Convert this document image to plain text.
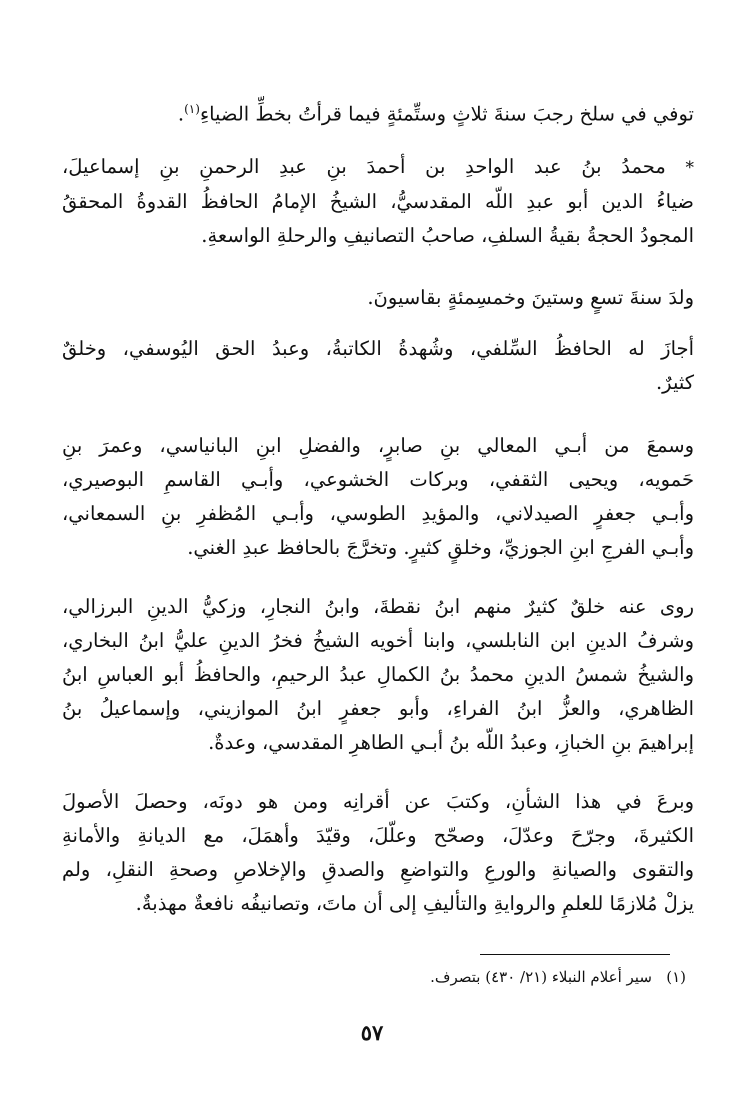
توفي في سلخ رجبَ سنةَ ثلاثٍ وستِّمئةٍ فيما قرأتُ بخطِّ الضياءِ$^{(١)}$.

* محمدُ بنُ عبد الواحدِ بن أحمدَ بنِ عبدِ الرحمنِ بنِ إسماعيلَ،
ضياءُ الدين أبو عبدِ اللّه المقدسيُّ، الشيخُ الإمامُ الحافظُ القدوةُ المحققُ
المجودُ الحجةُ بقيةُ السلفِ، صاحبُ التصانيفِ والرحلةِ الواسعةِ.

ولدَ سنةَ تسعٍ وستينَ وخمسِمئةٍ بقاسيونَ.

أجازَ له الحافظُ السِّلفي، وشُهدةُ الكاتبةُ، وعبدُ الحق اليُوسفي، وخلقٌ
كثيرٌ.

وسمعَ من أبـي المعالي بنِ صابرٍ، والفضلِ ابنِ البانياسي، وعمرَ بنِ
حَمويه، ويحيى الثقفي، وبركات الخشوعي، وأبـي القاسمِ البوصيري،
وأبـي جعفرٍ الصيدلاني، والمؤيدِ الطوسي، وأبـي المُظفرِ بنِ السمعاني،
وأبـي الفرجِ ابنِ الجوزيِّ، وخلقٍ كثيرٍ. وتخرَّجَ بالحافظ عبدِ الغني.

روى عنه خلقٌ كثيرٌ منهم ابنُ نقطةَ، وابنُ النجارِ، وزكيُّ الدينِ البرزالي،
وشرفُ الدينِ ابن النابلسي، وابنا أخويه الشيخُ فخرُ الدينِ عليُّ ابنُ البخاري،
والشيخُ شمسُ الدينِ محمدُ بنُ الكمالِ عبدُ الرحيمِ، والحافظُ أبو العباسِ ابنُ
الظاهري، والعزُّ ابنُ الفراءِ، وأبو جعفرٍ ابنُ الموازيني، وإسماعيلُ بنُ
إبراهيمَ بنِ الخبازِ، وعبدُ اللّه بنُ أبـي الطاهرِ المقدسي، وعدةٌ.

وبرعَ في هذا الشأنِ، وكتبَ عن أقرانِه ومن هو دونَه، وحصلَ الأصولَ
الكثيرةَ، وجرّحَ وعدّلَ، وصحّح وعلّلَ، وقيّدَ وأهمَلَ، مع الديانةِ والأمانةِ
والتقوى والصيانةِ والورعِ والتواضعِ والصدقِ والإخلاصِ وصحةِ النقلِ، ولم
يزلْ مُلازمًا للعلمِ والروايةِ والتأليفِ إلى أن ماتَ، وتصانيفُه نافعةٌ مهذبةٌ.

(١)   سير أعلام النبلاء (٢١/ ٤٣٠) بتصرف.
٥٧
